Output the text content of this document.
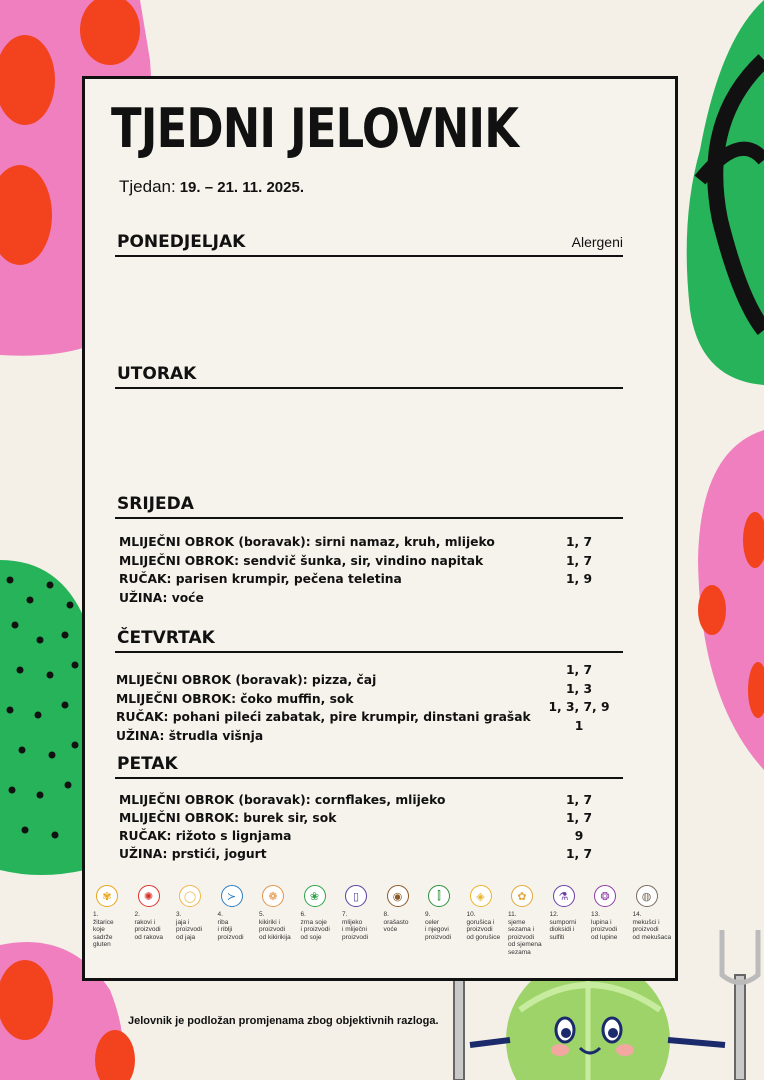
TJEDNI JELOVNIK
Tjedan: 19. – 21. 11. 2025.
PONEDJELJAK	Alergeni
UTORAK
SRIJEDA
MLIJEČNI OBROK (boravak): sirni namaz, kruh, mlijeko
MLIJEČNI OBROK: sendvič šunka, sir, vindino napitak
RUČAK: parisen krumpir, pečena teletina
UŽINA: voće
1, 7
1, 7
1, 9
ČETVRTAK
MLIJEČNI OBROK (boravak): pizza, čaj
MLIJEČNI OBROK: čoko muffin, sok
RUČAK: pohani pileći zabatak, pire krumpir, dinstani grašak
UŽINA: štrudla višnja
1, 7
1, 3
1, 3, 7, 9
1
PETAK
MLIJEČNI OBROK (boravak): cornflakes, mlijeko
MLIJEČNI OBROK: burek sir, sok
RUČAK: rižoto s lignjama
UŽINA: prstići, jogurt
1, 7
1, 7
9
1, 7
✾
1.
žitarice
koje
sadrže
gluten
✺
2.
rakovi i
proizvodi
od rakova
◯
3.
jaja i
proizvodi
od jaja
≻
4.
riba
i riblji
proizvodi
❁
5.
kikiriki i
proizvodi
od kikirikija
❀
6.
zrna soje
i proizvodi
od soje
▯
7.
mlijeko
i mliječni
proizvodi
◉
8.
orašasto
voće
⫿
9.
celer
i njegovi
proizvodi
◈
10.
gorušica i
proizvodi
od gorušice
✿
11.
sjeme
sezama i
proizvodi
od sjemena
sezama
⚗
12.
sumporni
dioksidi i
sulfiti
❂
13.
lupina i
proizvodi
od lupine
◍
14.
mekušci i
proizvodi
od mekušaca
Jelovnik je podložan promjenama zbog objektivnih razloga.
